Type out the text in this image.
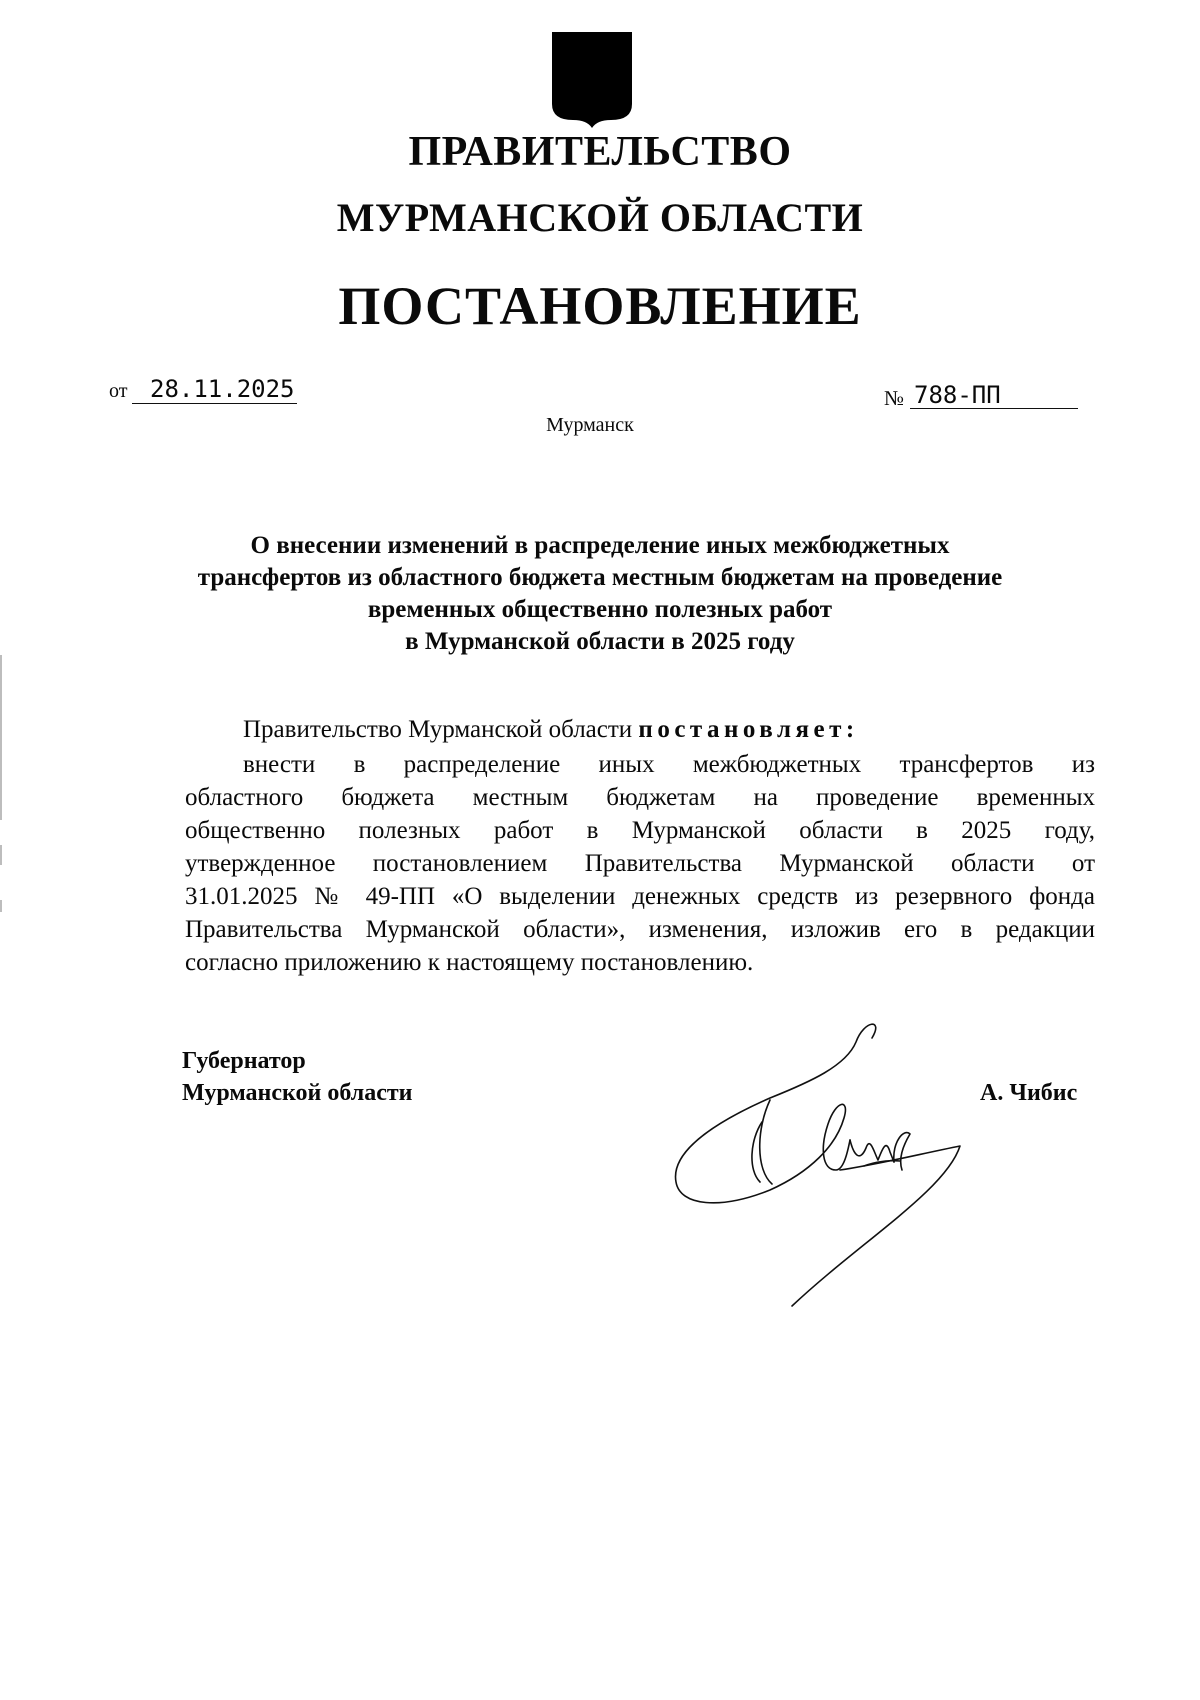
ПРАВИТЕЛЬСТВО
МУРМАНСКОЙ ОБЛАСТИ
ПОСТАНОВЛЕНИЕ
от 28.11.2025	№ 788-ПП
Мурманск
О внесении изменений в распределение иных межбюджетных
трансфертов из областного бюджета местным бюджетам на проведение
временных общественно полезных работ
в Мурманской области в 2025 году
Правительство Мурманской области постановляет:
внести в распределение иных межбюджетных трансфертов из
областного бюджета местным бюджетам на проведение временных
общественно полезных работ в Мурманской области в 2025 году,
утвержденное постановлением Правительства Мурманской области от
31.01.2025 № 49-ПП «О выделении денежных средств из резервного фонда
Правительства Мурманской области», изменения, изложив его в редакции
согласно приложению к настоящему постановлению.
Губернатор
Мурманской области	А. Чибис
